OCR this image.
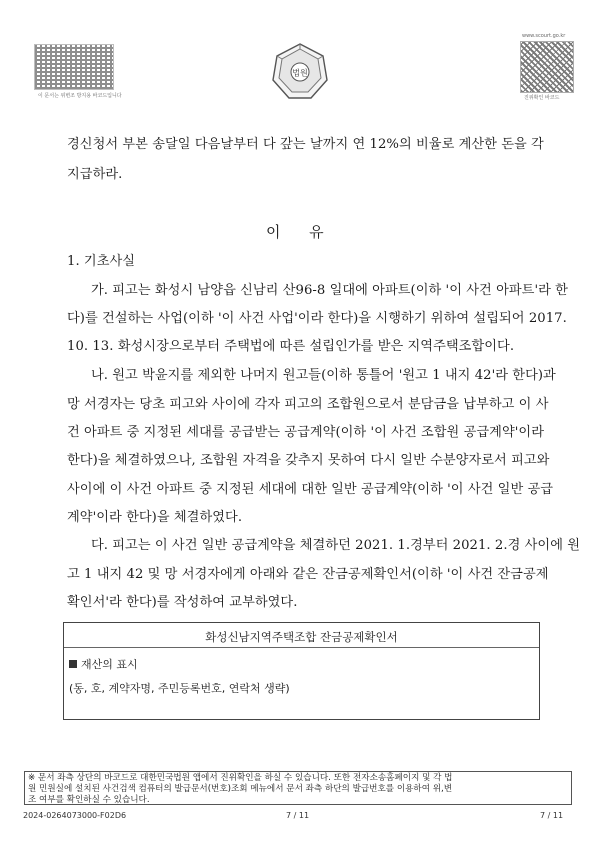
이 문서는 위변조 방지용 바코드입니다
법원
www.scourt.go.kr
진위확인 바코드
경신청서 부본 송달일 다음날부터 다 갚는 날까지 연 12%의 비율로 계산한 돈을 각
지급하라.
이      유
1. 기초사실
가. 피고는 화성시 남양읍 신남리 산96-8 일대에 아파트(이하 '이 사건 아파트'라 한
다)를 건설하는 사업(이하 '이 사건 사업'이라 한다)을 시행하기 위하여 설립되어 2017.
10. 13. 화성시장으로부터 주택법에 따른 설립인가를 받은 지역주택조합이다.
나. 원고 박윤지를 제외한 나머지 원고들(이하 통틀어 '원고 1 내지 42'라 한다)과
망 서경자는 당초 피고와 사이에 각자 피고의 조합원으로서 분담금을 납부하고 이 사
건 아파트 중 지정된 세대를 공급받는 공급계약(이하 '이 사건 조합원 공급계약'이라
한다)을 체결하였으나, 조합원 자격을 갖추지 못하여 다시 일반 수분양자로서 피고와
사이에 이 사건 아파트 중 지정된 세대에 대한 일반 공급계약(이하 '이 사건 일반 공급
계약'이라 한다)을 체결하였다.
다. 피고는 이 사건 일반 공급계약을 체결하던 2021. 1.경부터 2021. 2.경 사이에 원
고 1 내지 42 및 망 서경자에게 아래와 같은 잔금공제확인서(이하 '이 사건 잔금공제
확인서'라 한다)를 작성하여 교부하였다.
화성신남지역주택조합 잔금공제확인서
재산의 표시
(동, 호, 계약자명, 주민등록번호, 연락처 생략)
※ 문서 좌측 상단의 바코드로 대한민국법원 앱에서 진위확인을 하실 수 있습니다. 또한 전자소송홈페이지 및 각 법
원 민원실에 설치된 사건검색 컴퓨터의 발급문서(번호)조회 메뉴에서 문서 좌측 하단의 발급번호를 이용하여 위,변
조 여부를 확인하실 수 있습니다.
2024-0264073000-F02D6	7 / 11	7 / 11
